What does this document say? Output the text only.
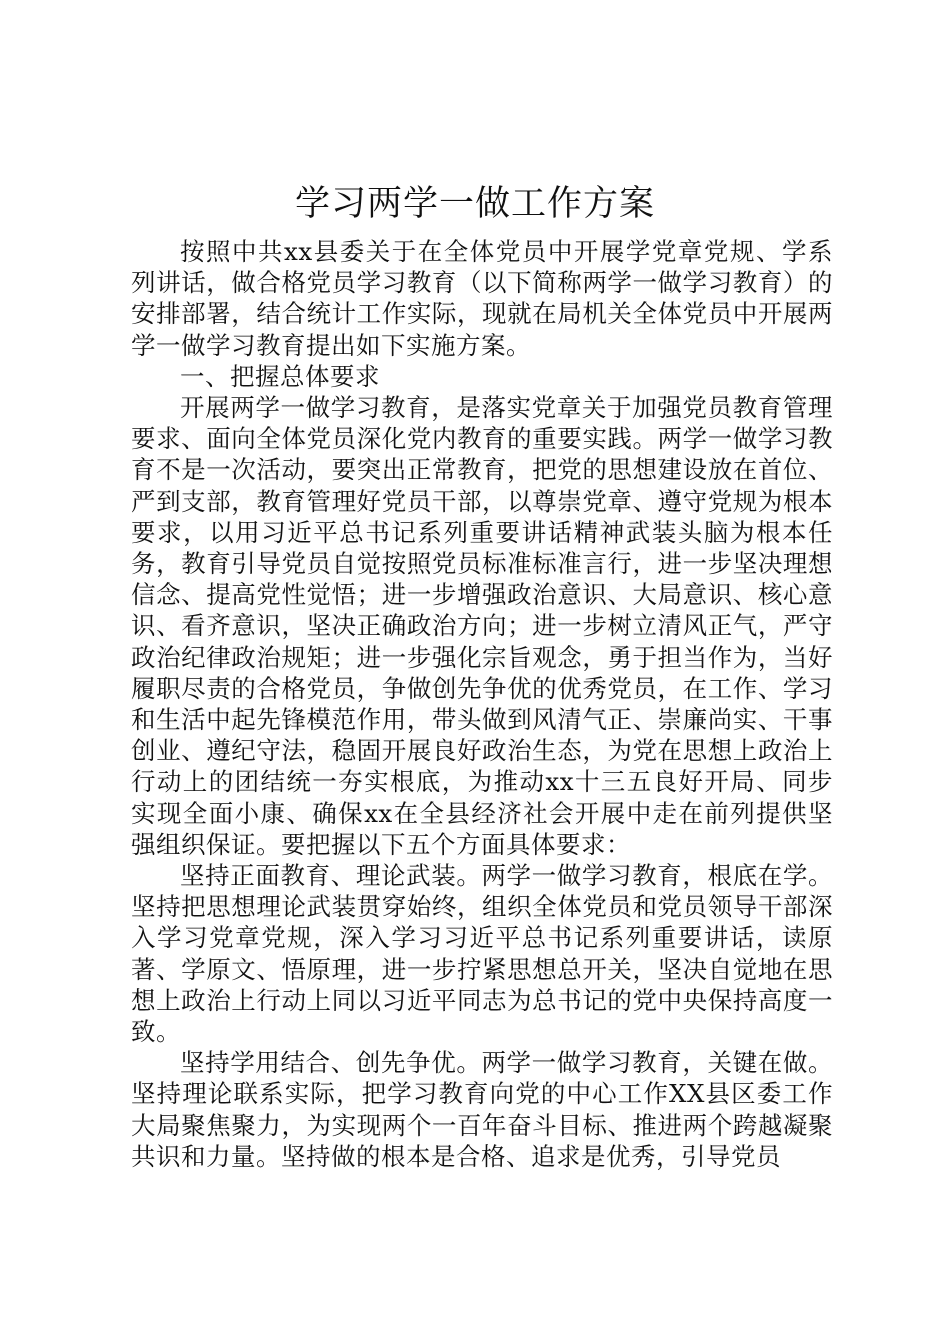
学习两学一做工作方案

按照中共xx县委关于在全体党员中开展学党章党规、学系列讲话，做合格党员学习教育（以下简称两学一做学习教育）的安排部署，结合统计工作实际，现就在局机关全体党员中开展两学一做学习教育提出如下实施方案。

一、把握总体要求

开展两学一做学习教育，是落实党章关于加强党员教育管理要求、面向全体党员深化党内教育的重要实践。两学一做学习教育不是一次活动，要突出正常教育，把党的思想建设放在首位、严到支部，教育管理好党员干部，以尊崇党章、遵守党规为根本要求，以用习近平总书记系列重要讲话精神武装头脑为根本任务，教育引导党员自觉按照党员标准标准言行，进一步坚决理想信念、提高党性觉悟；进一步增强政治意识、大局意识、核心意识、看齐意识，坚决正确政治方向；进一步树立清风正气，严守政治纪律政治规矩；进一步强化宗旨观念，勇于担当作为，当好履职尽责的合格党员，争做创先争优的优秀党员，在工作、学习和生活中起先锋模范作用，带头做到风清气正、崇廉尚实、干事创业、遵纪守法，稳固开展良好政治生态，为党在思想上政治上行动上的团结统一夯实根底，为推动xx十三五良好开局、同步实现全面小康、确保xx在全县经济社会开展中走在前列提供坚强组织保证。要把握以下五个方面具体要求：

坚持正面教育、理论武装。两学一做学习教育，根底在学。坚持把思想理论武装贯穿始终，组织全体党员和党员领导干部深入学习党章党规，深入学习习近平总书记系列重要讲话，读原著、学原文、悟原理，进一步拧紧思想总开关，坚决自觉地在思想上政治上行动上同以习近平同志为总书记的党中央保持高度一致。

坚持学用结合、创先争优。两学一做学习教育，关键在做。坚持理论联系实际，把学习教育向党的中心工作XX县区委工作大局聚焦聚力，为实现两个一百年奋斗目标、推进两个跨越凝聚共识和力量。坚持做的根本是合格、追求是优秀，引导党员
